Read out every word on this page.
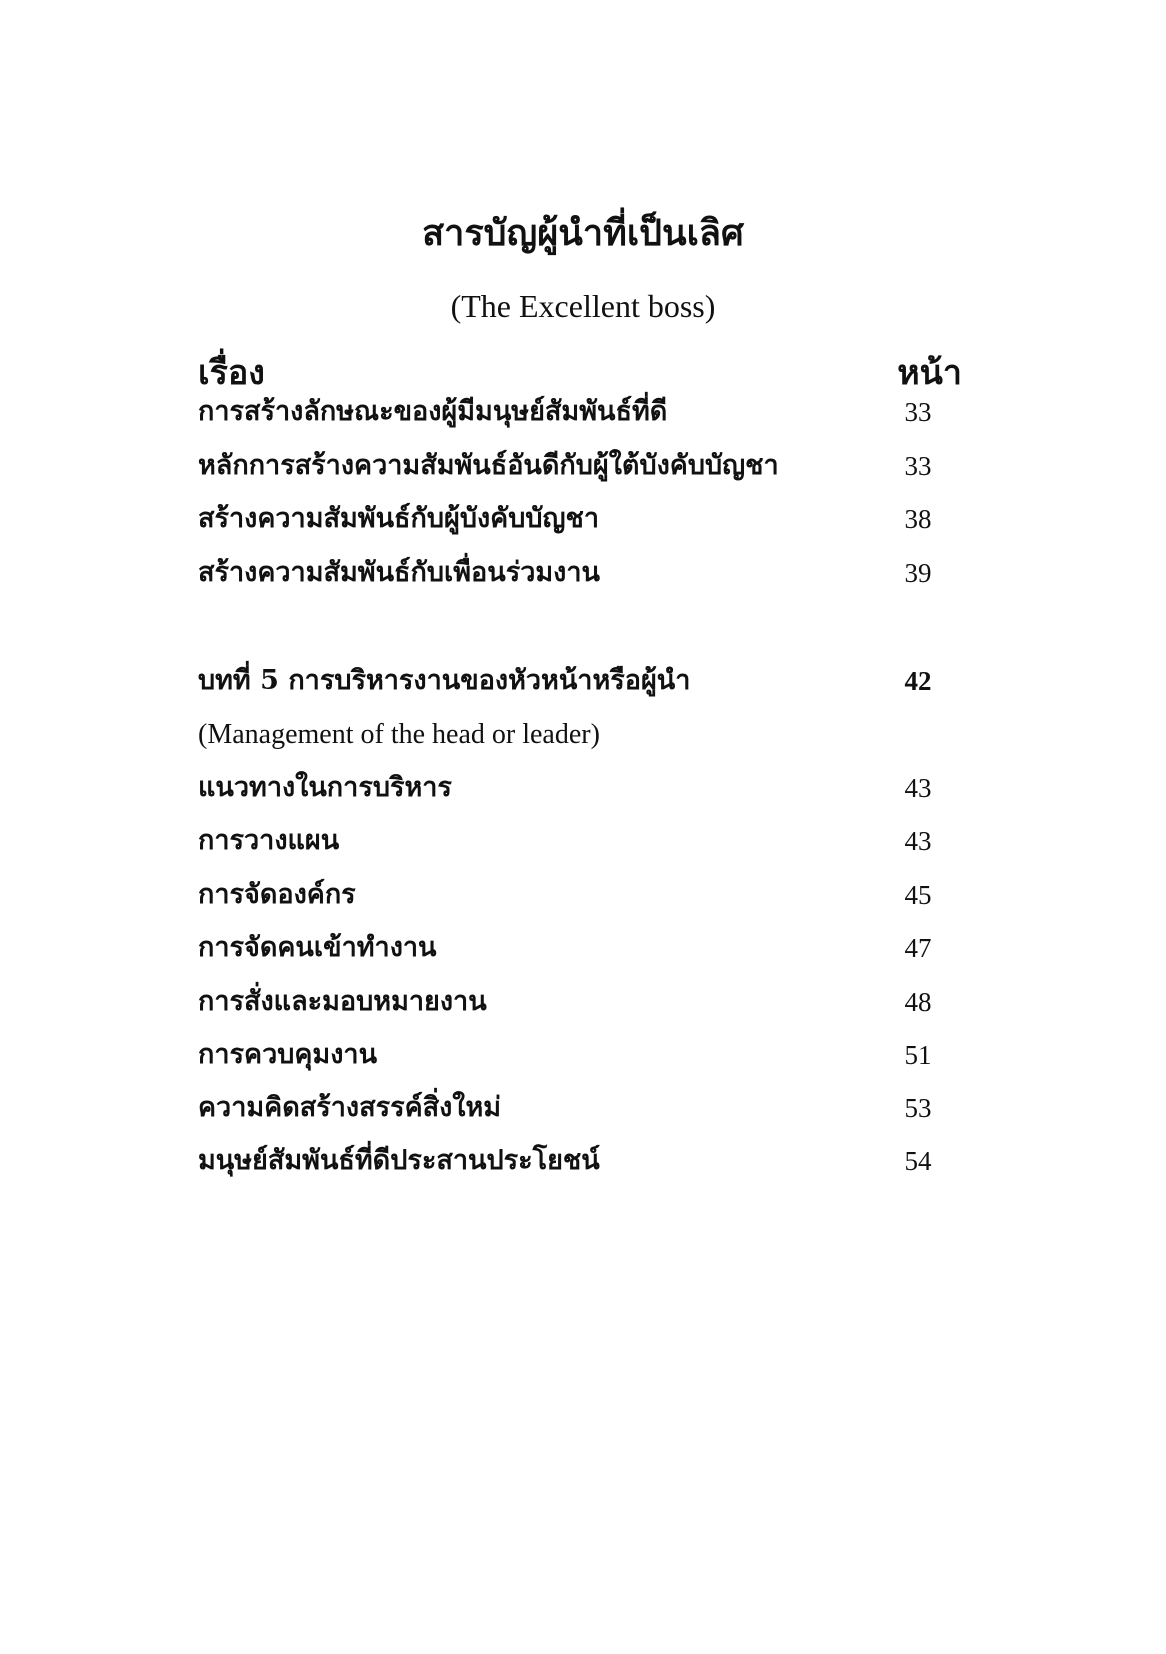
สารบัญผู้นำที่เป็นเลิศ
(The Excellent boss)
เรื่อง	หน้า
การสร้างลักษณะของผู้มีมนุษย์สัมพันธ์ที่ดี	33
หลักการสร้างความสัมพันธ์อันดีกับผู้ใต้บังคับบัญชา	33
สร้างความสัมพันธ์กับผู้บังคับบัญชา	38
สร้างความสัมพันธ์กับเพื่อนร่วมงาน	39
บทที่ 5 การบริหารงานของหัวหน้าหรือผู้นำ	42
(Management of the head or leader)
แนวทางในการบริหาร	43
การวางแผน	43
การจัดองค์กร	45
การจัดคนเข้าทำงาน	47
การสั่งและมอบหมายงาน	48
การควบคุมงาน	51
ความคิดสร้างสรรค์สิ่งใหม่	53
มนุษย์สัมพันธ์ที่ดีประสานประโยชน์	54
